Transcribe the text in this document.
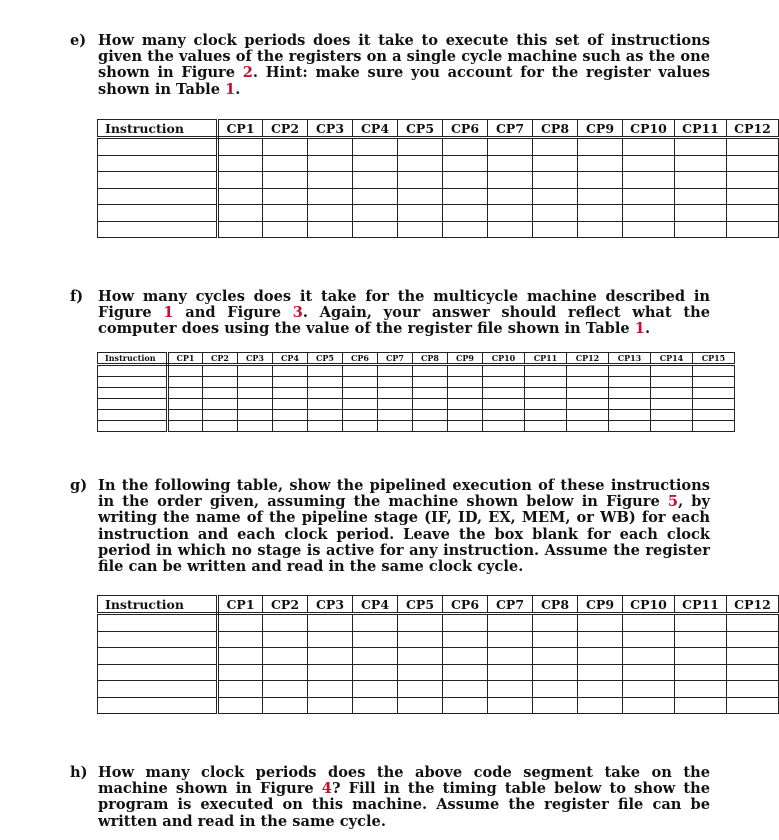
e) How many clock periods does it take to execute this set of instructions given the values of the registers on a single cycle machine such as the one shown in Figure 2. Hint: make sure you account for the register values shown in Table 1.
Instruction	CP1	CP2	CP3	CP4	CP5	CP6	CP7	CP8	CP9	CP10	CP11	CP12

f) How many cycles does it take for the multicycle machine described in Figure 1 and Figure 3. Again, your answer should reflect what the computer does using the value of the register file shown in Table 1.
Instruction	CP1	CP2	CP3	CP4	CP5	CP6	CP7	CP8	CP9	CP10	CP11	CP12	CP13	CP14	CP15

g) In the following table, show the pipelined execution of these instructions in the order given, assuming the machine shown below in Figure 5, by writing the name of the pipeline stage (IF, ID, EX, MEM, or WB) for each instruction and each clock period. Leave the box blank for each clock period in which no stage is active for any instruction. Assume the register file can be written and read in the same clock cycle.
Instruction	CP1	CP2	CP3	CP4	CP5	CP6	CP7	CP8	CP9	CP10	CP11	CP12

h) How many clock periods does the above code segment take on the machine shown in Figure 4? Fill in the timing table below to show the program is executed on this machine. Assume the register file can be written and read in the same cycle.
